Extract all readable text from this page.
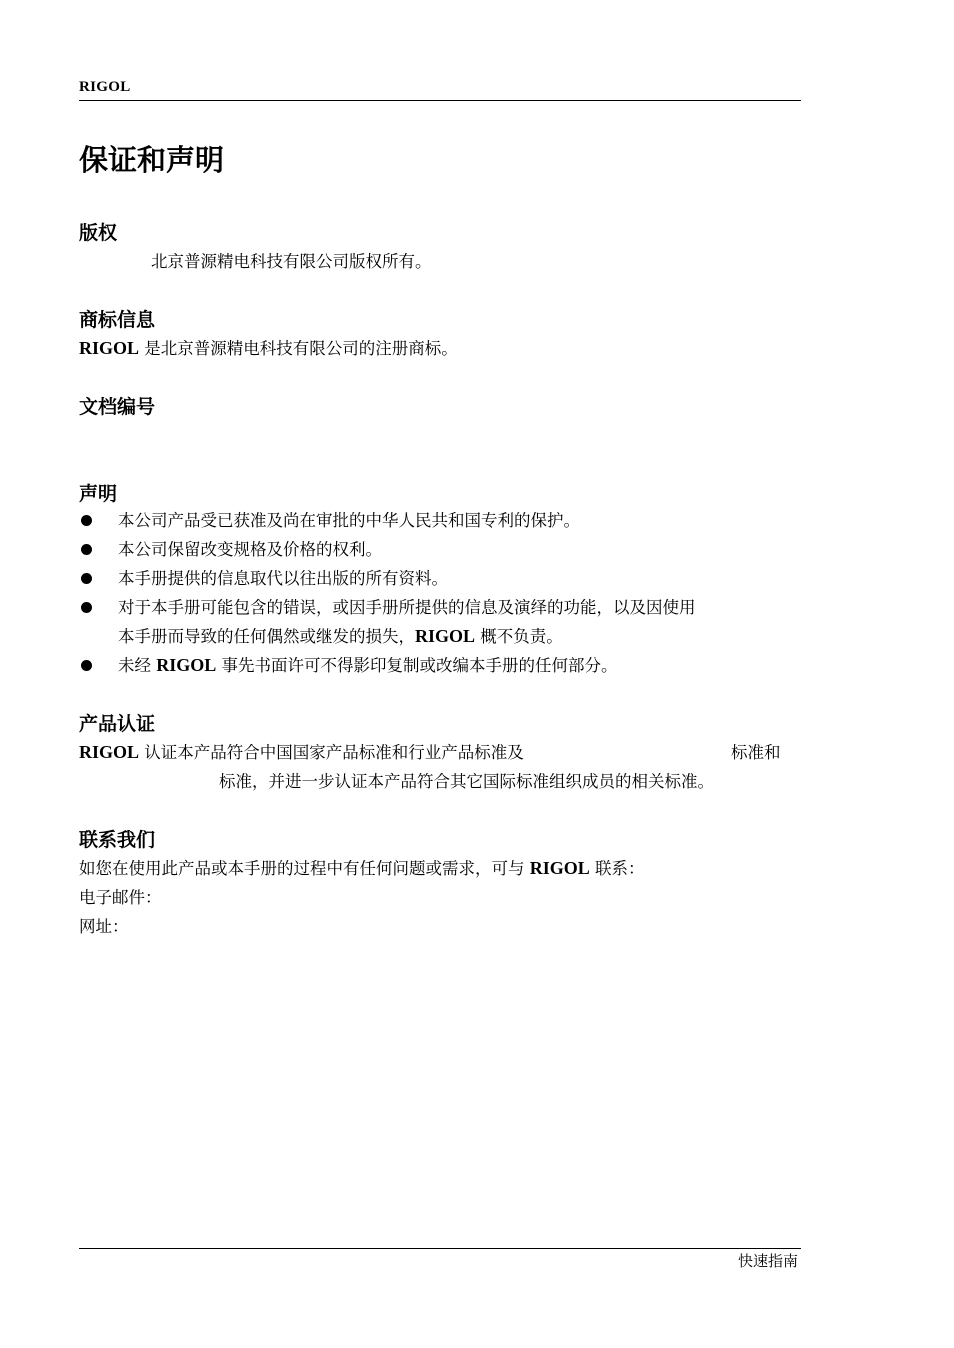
RIGOL
保证和声明
版权

北京普源精电科技有限公司版权所有。

商标信息

RIGOL 是北京普源精电科技有限公司的注册商标。

文档编号
声明
本公司产品受已获准及尚在审批的中华人民共和国专利的保护。
本公司保留改变规格及价格的权利。
本手册提供的信息取代以往出版的所有资料。
对于本手册可能包含的错误，或因手册所提供的信息及演绎的功能，以及因使用
本手册而导致的任何偶然或继发的损失，RIGOL 概不负责。
未经 RIGOL 事先书面许可不得影印复制或改编本手册的任何部分。
产品认证

RIGOL 认证本产品符合中国国家产品标准和行业产品标准及	标准和

标准，并进一步认证本产品符合其它国际标准组织成员的相关标准。

联系我们

如您在使用此产品或本手册的过程中有任何问题或需求，可与 RIGOL 联系：

电子邮件：

网址：

快速指南
